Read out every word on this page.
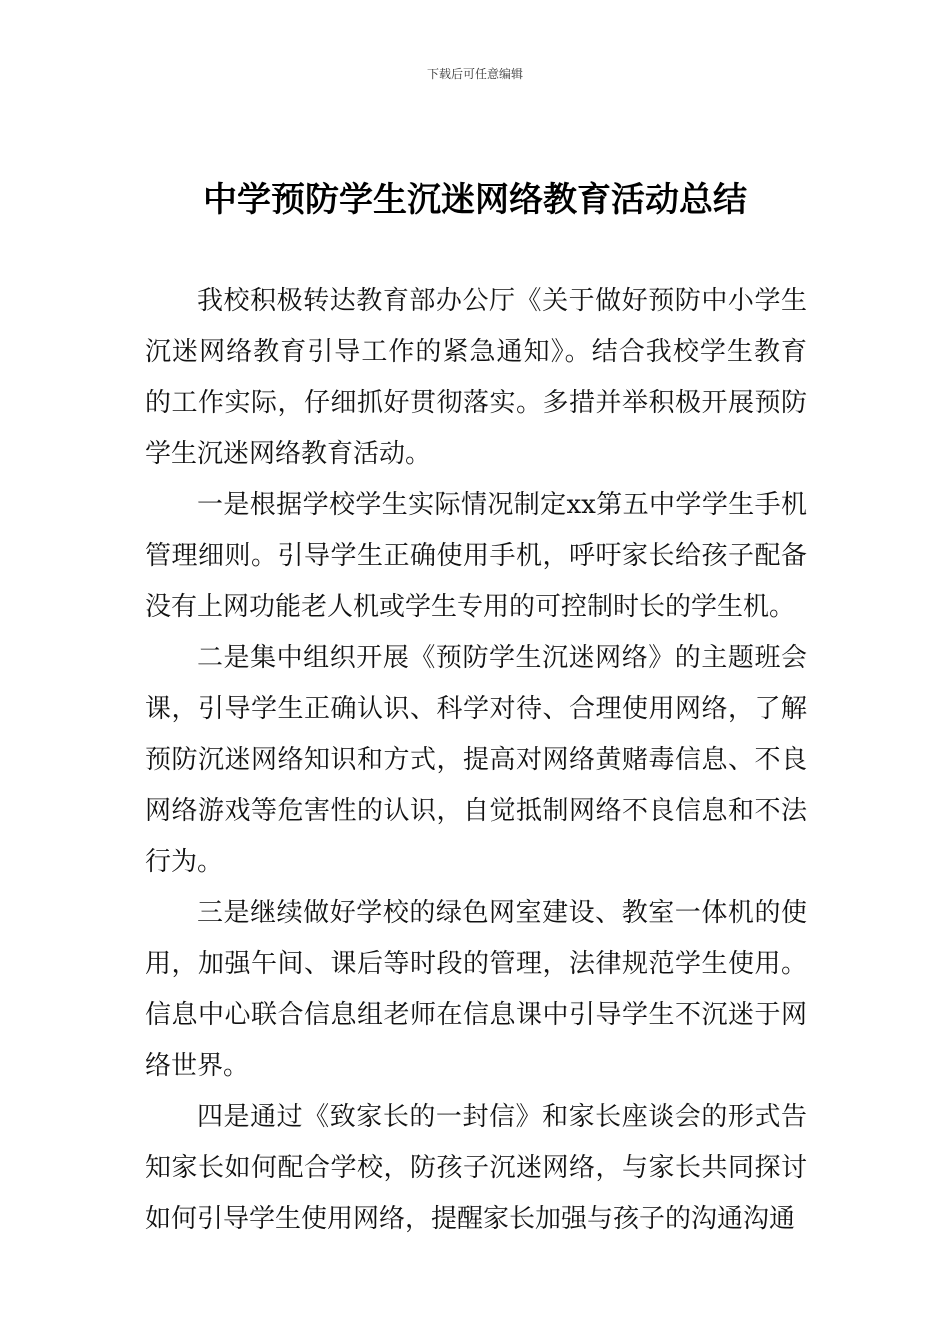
下载后可任意编辑
中学预防学生沉迷网络教育活动总结

我校积极转达教育部办公厅《关于做好预防中小学生沉迷网络教育引导工作的紧急通知》。结合我校学生教育的工作实际，仔细抓好贯彻落实。多措并举积极开展预防学生沉迷网络教育活动。

一是根据学校学生实际情况制定xx第五中学学生手机管理细则。引导学生正确使用手机，呼吁家长给孩子配备没有上网功能老人机或学生专用的可控制时长的学生机。

二是集中组织开展《预防学生沉迷网络》的主题班会课，引导学生正确认识、科学对待、合理使用网络，了解预防沉迷网络知识和方式，提高对网络黄赌毒信息、不良网络游戏等危害性的认识，自觉抵制网络不良信息和不法行为。

三是继续做好学校的绿色网室建设、教室一体机的使用，加强午间、课后等时段的管理，法律规范学生使用。信息中心联合信息组老师在信息课中引导学生不沉迷于网络世界。

四是通过《致家长的一封信》和家长座谈会的形式告知家长如何配合学校，防孩子沉迷网络，与家长共同探讨如何引导学生使用网络，提醒家长加强与孩子的沟通沟通
